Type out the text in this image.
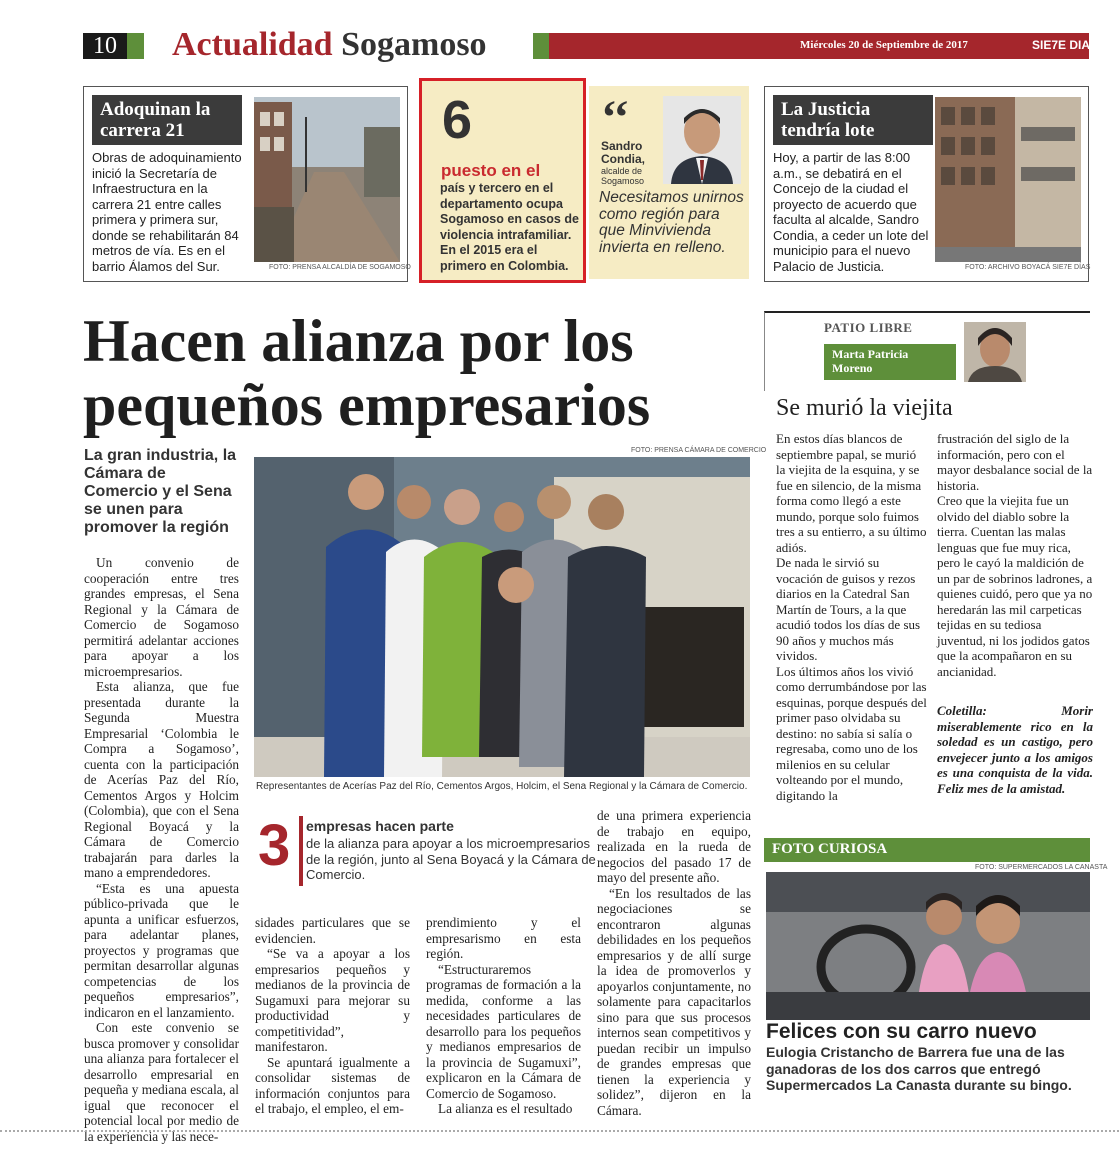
10 Actualidad Sogamoso	Miércoles 20 de Septiembre de 2017	SIE7E DIAS
Adoquinan la carrera 21
Obras de adoquinamiento inició la Secretaría de Infraestructura en la carrera 21 entre calles primera y primera sur, donde se rehabilitarán 84 metros de vía. Es en el barrio Álamos del Sur.	FOTO: PRENSA ALCALDÍA DE SOGAMOSO
6
puesto en el
país y tercero en el departamento ocupa Sogamoso en casos de violencia intrafamiliar. En el 2015 era el primero en Colombia.
‘‘
Sandro Condia,
alcalde de Sogamoso
Necesitamos unirnos como región para que Minvivienda invierta en relleno.
La Justicia tendría lote
Hoy, a partir de las 8:00 a.m., se debatirá en el Concejo de la ciudad el proyecto de acuerdo que faculta al alcalde, Sandro Condia, a ceder un lote del municipio para el nuevo Palacio de Justicia.	FOTO: ARCHIVO BOYACÁ SIE7E DÍAS
Hacen alianza por los pequeños empresarios
La gran industria, la Cámara de Comercio y el Sena se unen para promover la región
FOTO: PRENSA CÁMARA DE COMERCIO
Representantes de Acerías Paz del Río, Cementos Argos, Holcim, el Sena Regional y la Cámara de Comercio.

Un convenio de cooperación entre tres grandes empresas, el Sena Regional y la Cámara de Comercio de Sogamoso permitirá adelantar acciones para apoyar a los microempresarios.

Esta alianza, que fue presentada durante la Segunda Muestra Empresarial ‘Colombia le Compra a Sogamoso’, cuenta con la participación de Acerías Paz del Río, Cementos Argos y Holcim (Colombia), que con el Sena Regional Boyacá y la Cámara de Comercio trabajarán para darles la mano a emprendedores.

“Esta es una apuesta público-privada que le apunta a unificar esfuerzos, para adelantar planes, proyectos y programas que permitan desarrollar algunas competencias de los pequeños empresarios”, indicaron en el lanzamiento.

Con este convenio se busca promover y consolidar una alianza para fortalecer el desarrollo empresarial en pequeña y mediana escala, al igual que reconocer el potencial local por medio de la experiencia y las nece-

3 empresas hacen parte
de la alianza para apoyar a los microempresarios de la región, junto al Sena Boyacá y la Cámara de Comercio.

sidades particulares que se evidencien.

“Se va a apoyar a los empresarios pequeños y medianos de la provincia de Sugamuxi para mejorar su productividad y competitividad”, manifestaron.

Se apuntará igualmente a consolidar sistemas de información conjuntos para el trabajo, el empleo, el em-

prendimiento y el empresarismo en esta región.

“Estructuraremos programas de formación a la medida, conforme a las necesidades particulares de desarrollo para los pequeños y medianos empresarios de la provincia de Sugamuxi”, explicaron en la Cámara de Comercio de Sogamoso.

La alianza es el resultado

de una primera experiencia de trabajo en equipo, realizada en la rueda de negocios del pasado 17 de mayo del presente año.

“En los resultados de las negociaciones se encontraron algunas debilidades en los pequeños empresarios y de allí surge la idea de promoverlos y apoyarlos conjuntamente, no solamente para capacitarlos sino para que sus procesos internos sean competitivos y puedan recibir un impulso de grandes empresas que tienen la experiencia y solidez”, dijeron en la Cámara.

PATIO LIBRE
Marta Patricia Moreno
Se murió la viejita
En estos días blancos de septiembre papal, se murió la viejita de la esquina, y se fue en silencio, de la misma forma como llegó a este mundo, porque solo fuimos tres a su entierro, a su último adiós.
De nada le sirvió su vocación de guisos y rezos diarios en la Catedral San Martín de Tours, a la que acudió todos los días de sus 90 años y muchos más vividos.
Los últimos años los vivió como derrumbándose por las esquinas, porque después del primer paso olvidaba su destino: no sabía si salía o regresaba, como uno de los milenios en su celular volteando por el mundo, digitando la
frustración del siglo de la información, pero con el mayor desbalance social de la historia.
Creo que la viejita fue un olvido del diablo sobre la tierra. Cuentan las malas lenguas que fue muy rica, pero le cayó la maldición de un par de sobrinos ladrones, a quienes cuidó, pero que ya no heredarán las mil carpeticas tejidas en su tediosa juventud, ni los jodidos gatos que la acompañaron en su ancianidad.
Coletilla: Morir miserablemente rico en la soledad es un castigo, pero envejecer junto a los amigos es una conquista de la vida. Feliz mes de la amistad.
FOTO CURIOSA
FOTO: SUPERMERCADOS LA CANASTA
Felices con su carro nuevo
Eulogia Cristancho de Barrera fue una de las ganadoras de los dos carros que entregó Supermercados La Canasta durante su bingo.
